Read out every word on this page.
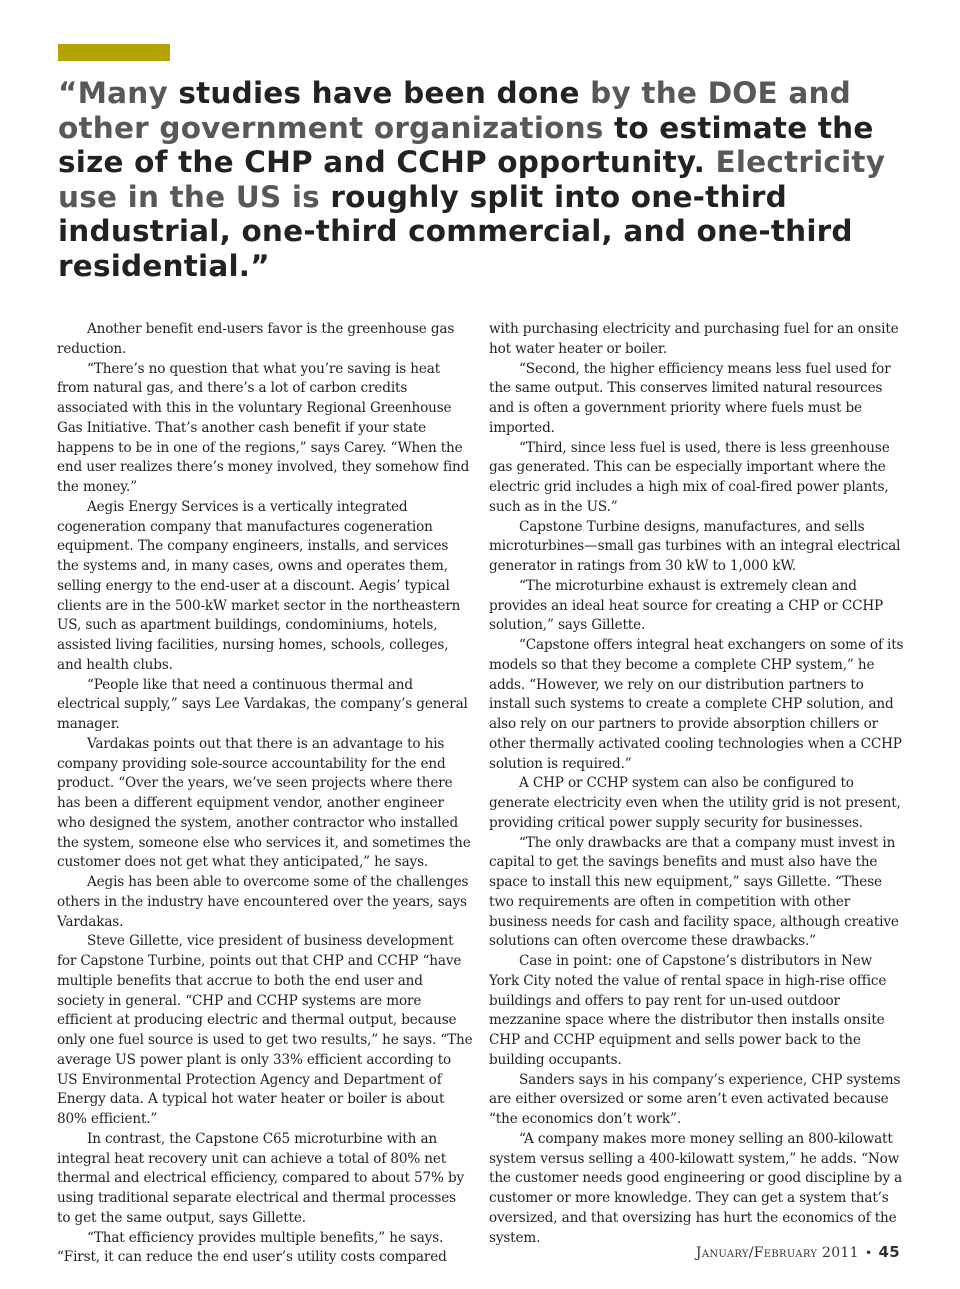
“Many studies have been done by the DOE and other government organizations to estimate the size of the CHP and CCHP opportunity. Electricity use in the US is roughly split into one-third industrial, one-third commercial, and one-third residential.”

Another benefit end-users favor is the greenhouse gas reduction.

“There’s no question that what you’re saving is heat from natural gas, and there’s a lot of carbon credits associated with this in the voluntary Regional Greenhouse Gas Initiative. That’s another cash benefit if your state happens to be in one of the regions,” says Carey. “When the end user realizes there’s money involved, they somehow find the money.”

Aegis Energy Services is a vertically integrated cogeneration company that manufactures cogeneration equipment. The company engineers, installs, and services the systems and, in many cases, owns and operates them, selling energy to the end-user at a discount. Aegis’ typical clients are in the 500-kW market sector in the northeastern US, such as apartment buildings, condominiums, hotels, assisted living facilities, nursing homes, schools, colleges, and health clubs.

“People like that need a continuous thermal and electrical supply,” says Lee Vardakas, the company’s general manager.

Vardakas points out that there is an advantage to his company providing sole-source accountability for the end product. “Over the years, we’ve seen projects where there has been a different equipment vendor, another engineer who designed the system, another contractor who installed the system, someone else who services it, and sometimes the customer does not get what they anticipated,” he says.

Aegis has been able to overcome some of the challenges others in the industry have encountered over the years, says Vardakas.

Steve Gillette, vice president of business development for Capstone Turbine, points out that CHP and CCHP “have multiple benefits that accrue to both the end user and society in general. “CHP and CCHP systems are more efficient at producing electric and thermal output, because only one fuel source is used to get two results,” he says. “The average US power plant is only 33% efficient according to US Environmental Protection Agency and Department of Energy data. A typical hot water heater or boiler is about 80% efficient.”

In contrast, the Capstone C65 microturbine with an integral heat recovery unit can achieve a total of 80% net thermal and electrical efficiency, compared to about 57% by using traditional separate electrical and thermal processes to get the same output, says Gillette.

“That efficiency provides multiple benefits,” he says. “First, it can reduce the end user’s utility costs compared

with purchasing electricity and purchasing fuel for an onsite hot water heater or boiler.

“Second, the higher efficiency means less fuel used for the same output. This conserves limited natural resources and is often a government priority where fuels must be imported.

“Third, since less fuel is used, there is less greenhouse gas generated. This can be especially important where the electric grid includes a high mix of coal-fired power plants, such as in the US.”

Capstone Turbine designs, manufactures, and sells microturbines—small gas turbines with an integral electrical generator in ratings from 30 kW to 1,000 kW.

“The microturbine exhaust is extremely clean and provides an ideal heat source for creating a CHP or CCHP solution,” says Gillette.

“Capstone offers integral heat exchangers on some of its models so that they become a complete CHP system,” he adds. “However, we rely on our distribution partners to install such systems to create a complete CHP solution, and also rely on our partners to provide absorption chillers or other thermally activated cooling technologies when a CCHP solution is required.”

A CHP or CCHP system can also be configured to generate electricity even when the utility grid is not present, providing critical power supply security for businesses.

“The only drawbacks are that a company must invest in capital to get the savings benefits and must also have the space to install this new equipment,” says Gillette. “These two requirements are often in competition with other business needs for cash and facility space, although creative solutions can often overcome these drawbacks.”

Case in point: one of Capstone’s distributors in New York City noted the value of rental space in high-rise office buildings and offers to pay rent for un-used outdoor mezzanine space where the distributor then installs onsite CHP and CCHP equipment and sells power back to the building occupants.

Sanders says in his company’s experience, CHP systems are either oversized or some aren’t even activated because “the economics don’t work”.

“A company makes more money selling an 800-kilowatt system versus selling a 400-kilowatt system,” he adds. “Now the customer needs good engineering or good discipline by a customer or more knowledge. They can get a system that’s oversized, and that oversizing has hurt the economics of the system.

January/February 2011 • 45
